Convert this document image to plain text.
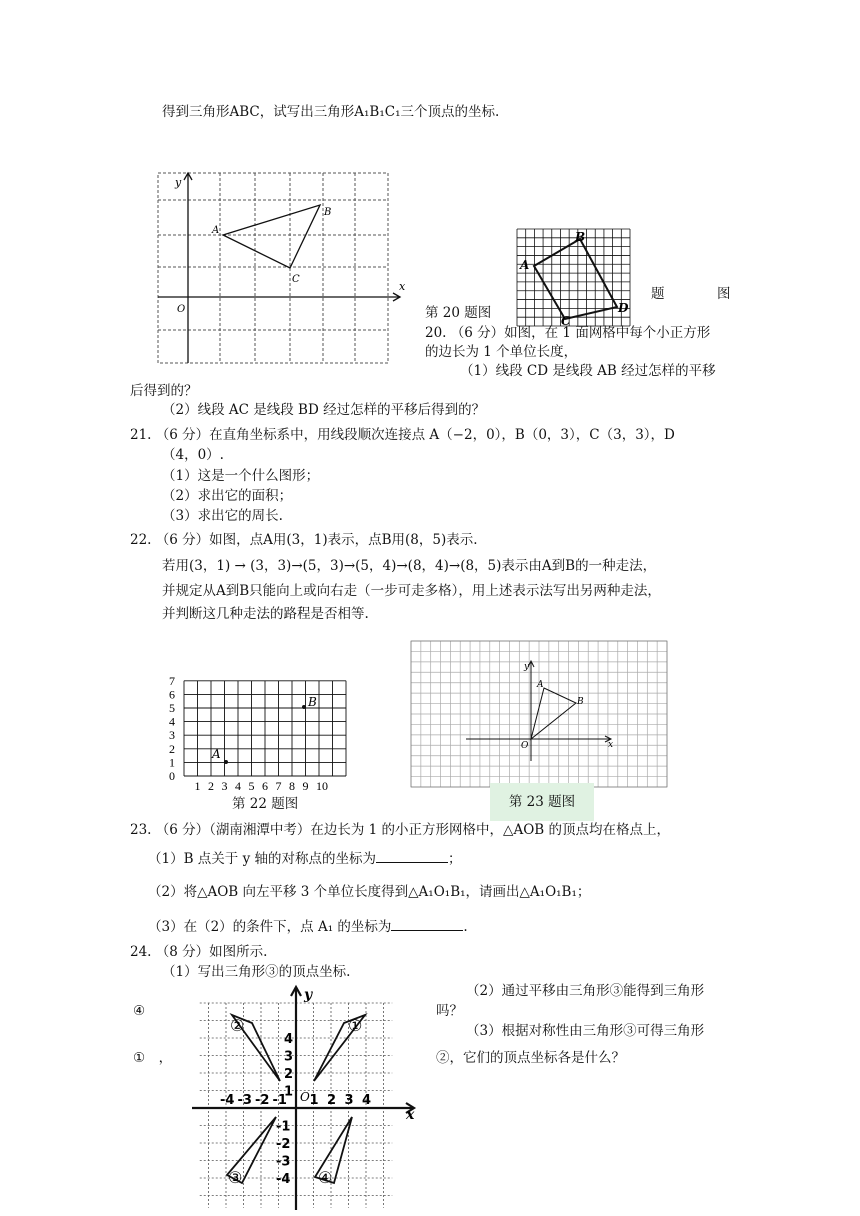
得到三角形ABC，试写出三角形A₁B₁C₁三个顶点的坐标.
y
x
O
A
B
C
A
B
C
D
题	图
第 20 题图
20. （6 分）如图，在 1 面网格中每个小正方形
的边长为 1 个单位长度，
（1）线段 CD 是线段 AB 经过怎样的平移
后得到的？
（2）线段 AC 是线段 BD 经过怎样的平移后得到的？
21. （6 分）在直角坐标系中，用线段顺次连接点 A（−2，0），B（0，3），C（3，3），D
（4，0）.
（1）这是一个什么图形；
（2）求出它的面积；
（3）求出它的周长.
22. （6 分）如图，点A用(3，1)表示，点B用(8，5)表示.
若用(3，1) → (3，3)→(5，3)→(5，4)→(8，4)→(8，5)表示由A到B的一种走法，
并规定从A到B只能向上或向右走（一步可走多格），用上述表示法写出另两种走法，
并判断这几种走法的路程是否相等.
0
1
2
3
4
5
6
7
1 2 3 4 5 6 7 8 9 10
A
B
第 22 题图
y
x
O
A
B
第 23 题图
23. （6 分）（湖南湘潭中考）在边长为 1 的小正方形网格中，△AOB 的顶点均在格点上，
（1）B 点关于 y 轴的对称点的坐标为	；
（2）将△AOB 向左平移 3 个单位长度得到△A₁O₁B₁，请画出△A₁O₁B₁；
（3）在（2）的条件下，点 A₁ 的坐标为	.
24. （8 分）如图所示.
（1）写出三角形③的顶点坐标.
（2）通过平移由三角形③能得到三角形
④	吗？
（3）根据对称性由三角形③可得三角形
①　，	②，它们的顶点坐标各是什么？
-4 -3 -2 -1 1 2 3 4
1
2
3
4
-1
-2
-3
-4
y
x
O
②	①
③	④
